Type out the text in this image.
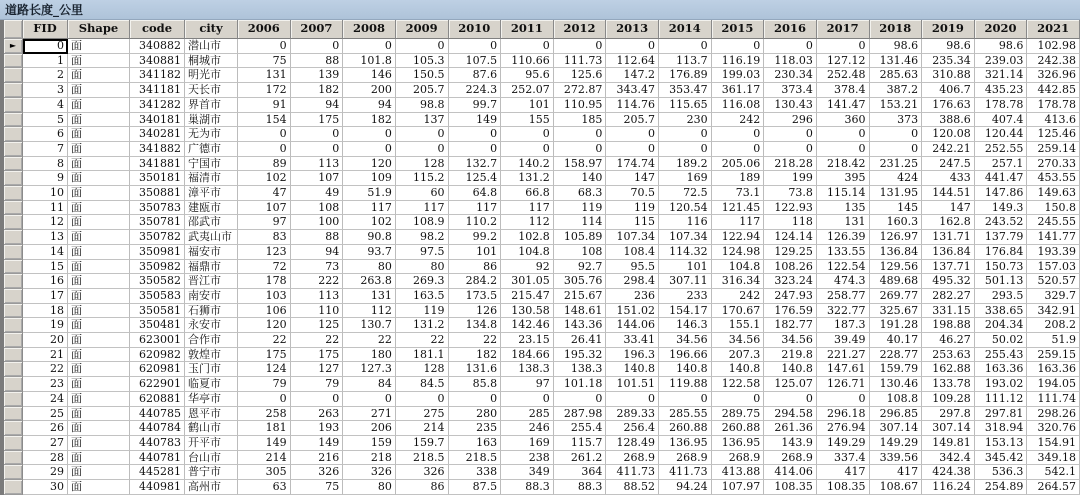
道路长度_公里
FID	Shape	code	city	2006	2007	2008	2009	2010	2011	2012	2013	2014	2015	2016	2017	2018	2019	2020	2021
►	0 面	340882 潜山市	0	0	0	0	0	0	0	0	0	0	0	0	98.6	98.6	98.6	102.98
1 面	340881 桐城市	75	88	101.8	105.3	107.5	110.66	111.73	112.64	113.7	116.19	118.03	127.12	131.46	235.34	239.03	242.38
2 面	341182 明光市	131	139	146	150.5	87.6	95.6	125.6	147.2	176.89	199.03	230.34	252.48	285.63	310.88	321.14	326.96
3 面	341181 天长市	172	182	200	205.7	224.3	252.07	272.87	343.47	353.47	361.17	373.4	378.4	387.2	406.7	435.23	442.85
4 面	341282 界首市	91	94	94	98.8	99.7	101	110.95	114.76	115.65	116.08	130.43	141.47	153.21	176.63	178.78	178.78
5 面	340181 巢湖市	154	175	182	137	149	155	185	205.7	230	242	296	360	373	388.6	407.4	413.6
6 面	340281 无为市	0	0	0	0	0	0	0	0	0	0	0	0	0	120.08	120.44	125.46
7 面	341882 广德市	0	0	0	0	0	0	0	0	0	0	0	0	0	242.21	252.55	259.14
8 面	341881 宁国市	89	113	120	128	132.7	140.2	158.97	174.74	189.2	205.06	218.28	218.42	231.25	247.5	257.1	270.33
9 面	350181 福清市	102	107	109	115.2	125.4	131.2	140	147	169	189	199	395	424	433	441.47	453.55
10 面	350881 漳平市	47	49	51.9	60	64.8	66.8	68.3	70.5	72.5	73.1	73.8	115.14	131.95	144.51	147.86	149.63
11 面	350783 建瓯市	107	108	117	117	117	117	119	119	120.54	121.45	122.93	135	145	147	149.3	150.8
12 面	350781 邵武市	97	100	102	108.9	110.2	112	114	115	116	117	118	131	160.3	162.8	243.52	245.55
13 面	350782 武夷山市	83	88	90.8	98.2	99.2	102.8	105.89	107.34	107.34	122.94	124.14	126.39	126.97	131.71	137.79	141.77
14 面	350981 福安市	123	94	93.7	97.5	101	104.8	108	108.4	114.32	124.98	129.25	133.55	136.84	136.84	176.84	193.39
15 面	350982 福鼎市	72	73	80	80	86	92	92.7	95.5	101	104.8	108.26	122.54	129.56	137.71	150.73	157.03
16 面	350582 晋江市	178	222	263.8	269.3	284.2	301.05	305.76	298.4	307.11	316.34	323.24	474.3	489.68	495.32	501.13	520.57
17 面	350583 南安市	103	113	131	163.5	173.5	215.47	215.67	236	233	242	247.93	258.77	269.77	282.27	293.5	329.7
18 面	350581 石狮市	106	110	112	119	126	130.58	148.61	151.02	154.17	170.67	176.59	322.77	325.67	331.15	338.65	342.91
19 面	350481 永安市	120	125	130.7	131.2	134.8	142.46	143.36	144.06	146.3	155.1	182.77	187.3	191.28	198.88	204.34	208.2
20 面	623001 合作市	22	22	22	22	22	23.15	26.41	33.41	34.56	34.56	34.56	39.49	40.17	46.27	50.02	51.9
21 面	620982 敦煌市	175	175	180	181.1	182	184.66	195.32	196.3	196.66	207.3	219.8	221.27	228.77	253.63	255.43	259.15
22 面	620981 玉门市	124	127	127.3	128	131.6	138.3	138.3	140.8	140.8	140.8	140.8	147.61	159.79	162.88	163.36	163.36
23 面	622901 临夏市	79	79	84	84.5	85.8	97	101.18	101.51	119.88	122.58	125.07	126.71	130.46	133.78	193.02	194.05
24 面	620881 华亭市	0	0	0	0	0	0	0	0	0	0	0	0	108.8	109.28	111.12	111.74
25 面	440785 恩平市	258	263	271	275	280	285	287.98	289.33	285.55	289.75	294.58	296.18	296.85	297.8	297.81	298.26
26 面	440784 鹤山市	181	193	206	214	235	246	255.4	256.4	260.88	260.88	261.36	276.94	307.14	307.14	318.94	320.76
27 面	440783 开平市	149	149	159	159.7	163	169	115.7	128.49	136.95	136.95	143.9	149.29	149.29	149.81	153.13	154.91
28 面	440781 台山市	214	216	218	218.5	218.5	238	261.2	268.9	268.9	268.9	268.9	337.4	339.56	342.4	345.42	349.18
29 面	445281 普宁市	305	326	326	326	338	349	364	411.73	411.73	413.88	414.06	417	417	424.38	536.3	542.1
30 面	440981 高州市	63	75	80	86	87.5	88.3	88.3	88.52	94.24	107.97	108.35	108.35	108.67	116.24	254.89	264.57
